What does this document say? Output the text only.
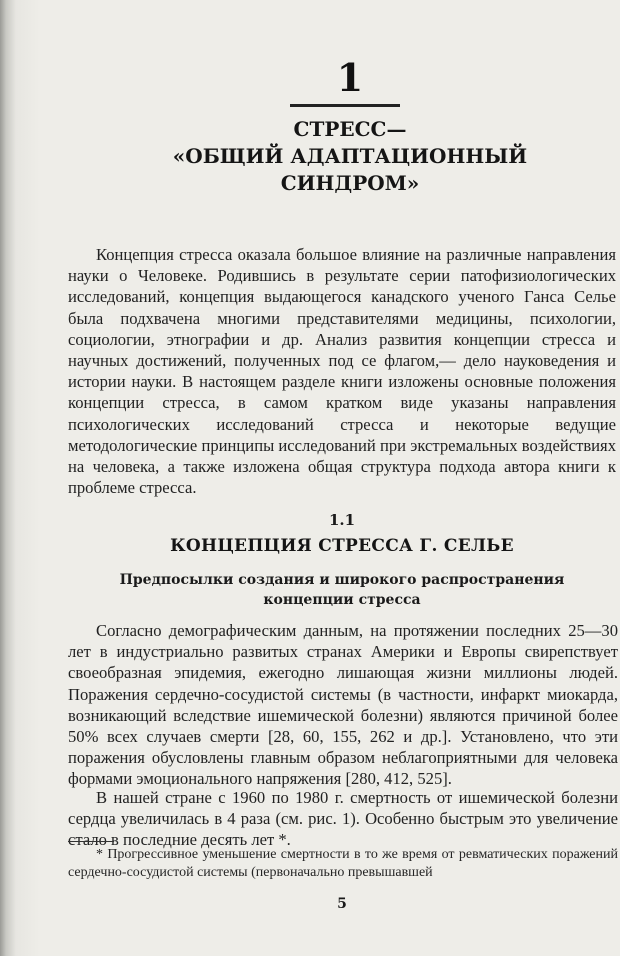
1
СТРЕСС—
«ОБЩИЙ АДАПТАЦИОННЫЙ
СИНДРОМ»
Концепция стресса оказала большое влияние на различные направления науки о Человеке. Родившись в результате серии патофизиологических исследований, концепция выдающегося канадского ученого Ганса Селье была подхвачена многими представителями медицины, психологии, социологии, этнографии и др. Анализ развития концепции стресса и научных достижений, полученных под се флагом,— дело науковедения и истории науки. В настоящем разделе книги изложены основные положения концепции стресса, в самом кратком виде указаны направления психологических исследований стресса и некоторые ведущие методологические принципы исследований при экстремальных воздействиях на человека, а также изложена общая структура подхода автора книги к проблеме стресса.
1.1
КОНЦЕПЦИЯ СТРЕССА Г. СЕЛЬЕ
Предпосылки создания и широкого распространения
концепции стресса
Согласно демографическим данным, на протяжении последних 25—30 лет в индустриально развитых странах Америки и Европы свирепствует своеобразная эпидемия, ежегодно лишающая жизни миллионы людей. Поражения сердечно-сосудистой системы (в частности, инфаркт миокарда, возникающий вследствие ишемической болезни) являются причиной более 50% всех случаев смерти [28, 60, 155, 262 и др.]. Установлено, что эти поражения обусловлены главным образом неблагоприятными для человека формами эмоционального напряжения [280, 412, 525].
В нашей стране с 1960 по 1980 г. смертность от ишемической болезни сердца увеличилась в 4 раза (см. рис. 1). Особенно быстрым это увеличение стало в последние десять лет *.
* Прогрессивное уменьшение смертности в то же время от ревматических поражений сердечно-сосудистой системы (первоначально превышавшей
5
